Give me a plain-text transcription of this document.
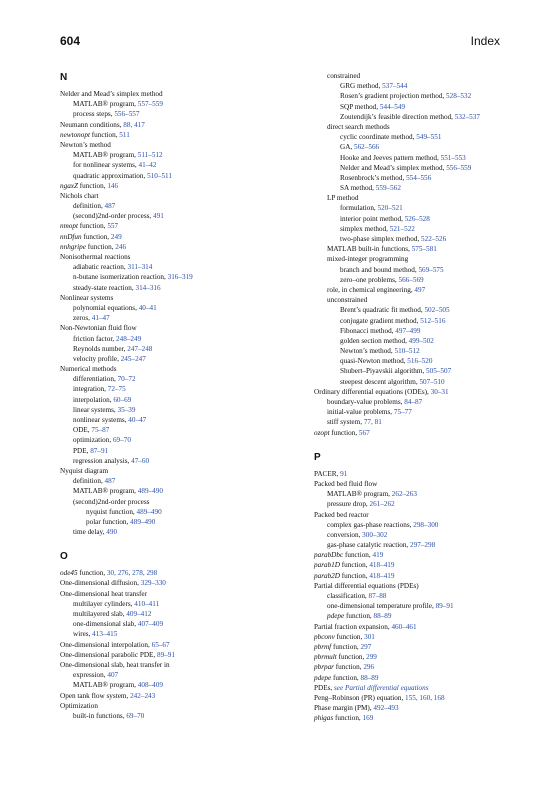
604	Index
N
Nelder and Mead’s simplex method
MATLAB® program, 557–559
process steps, 556–557
Neumann conditions, 88, 417
newtonopt function, 511
Newton’s method
MATLAB® program, 511–512
for nonlinear systems, 41–42
quadratic approximation, 510–511
ngaxZ function, 146
Nichols chart
definition, 487
(second)2nd-order process, 491
nmopt function, 557
nnDfun function, 249
nnhgripe function, 246
Nonisothermal reactions
adiabatic reaction, 311–314
n-butane isomerization reaction, 316–319
steady-state reaction, 314–316
Nonlinear systems
polynomial equations, 40–41
zeros, 41–47
Non-Newtonian fluid flow
friction factor, 248–249
Reynolds number, 247–248
velocity profile, 245–247
Numerical methods
differentiation, 70–72
integration, 72–75
interpolation, 60–69
linear systems, 35–39
nonlinear systems, 40–47
ODE, 75–87
optimization, 69–70
PDE, 87–91
regression analysis, 47–60
Nyquist diagram
definition, 487
MATLAB® program, 489–490
(second)2nd-order process
nyquist function, 489–490
polar function, 489–490
time delay, 490
O
ode45 function, 30, 276, 278, 298
One-dimensional diffusion, 329–330
One-dimensional heat transfer
multilayer cylinders, 410–411
multilayered slab, 409–412
one-dimensional slab, 407–409
wires, 413–415
One-dimensional interpolation, 65–67
One-dimensional parabolic PDE, 89–91
One-dimensional slab, heat transfer in
expression, 407
MATLAB® program, 408–409
Open tank flow system, 242–243
Optimization
built-in functions, 69–70
constrained
GRG method, 537–544
Rosen’s gradient projection method, 528–532
SQP method, 544–549
Zoutendijk’s feasible direction method, 532–537
direct search methods
cyclic coordinate method, 549–551
GA, 562–566
Hooke and Jeeves pattern method, 551–553
Nelder and Mead’s simplex method, 556–559
Rosenbrock’s method, 554–556
SA method, 559–562
LP method
formulation, 520–521
interior point method, 526–528
simplex method, 521–522
two-phase simplex method, 522–526
MATLAB built-in functions, 575–581
mixed-integer programming
branch and bound method, 569–575
zero–one problems, 566–569
role, in chemical engineering, 497
unconstrained
Brent’s quadratic fit method, 502–505
conjugate gradient method, 512–516
Fibonacci method, 497–499
golden section method, 499–502
Newton’s method, 510–512
quasi-Newton method, 516–520
Shubert–Piyavskii algorithm, 505–507
steepest descent algorithm, 507–510
Ordinary differential equations (ODEs), 30–31
boundary-value problems, 84–87
initial-value problems, 75–77
stiff system, 77, 81
ozopt function, 567
P
PACER, 91
Packed bed fluid flow
MATLAB® program, 262–263
pressure drop, 261–262
Packed bed reactor
complex gas-phase reactions, 298–300
conversion, 300–302
gas-phase catalytic reaction, 297–298
parabDbc function, 419
parab1D function, 418–419
parab2D function, 418–419
Partial differential equations (PDEs)
classification, 87–88
one-dimensional temperature profile, 89–91
pdepe function, 88–89
Partial fraction expansion, 460–461
pbconv function, 301
pbrmf function, 297
pbrmult function, 299
pbrpar function, 296
pdepe function, 88–89
PDEs, see Partial differential equations
Peng–Robinson (PR) equation, 155, 160, 168
Phase margin (PM), 492–493
phigas function, 169
